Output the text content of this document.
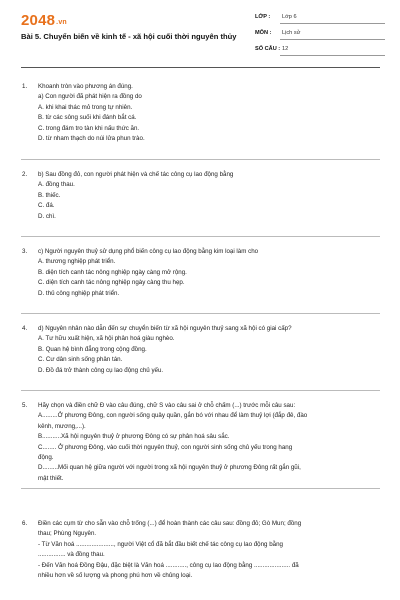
2048.vn
Bài 5. Chuyển biến về kinh tế - xã hội cuối thời nguyên thủy
LỚP : Lớp 6
MÔN : Lịch sử
SỐ CÂU : 12
1. Khoanh tròn vào phương án đúng.
a) Con người đã phát hiện ra đồng do
A. khi khai thác mỏ trong tự nhiên.
B. từ các sông suối khi đánh bắt cá.
C. trong đám tro tàn khi nấu thức ăn.
D. từ nham thạch do núi lửa phun trào.
2. b) Sau đồng đỏ, con người phát hiện và chế tác công cụ lao động bằng
A. đồng thau.
B. thiếc.
C. đá.
D. chì.
3. c) Người nguyên thuỷ sử dụng phổ biến công cụ lao động bằng kim loại làm cho
A. thương nghiệp phát triển.
B. diện tích canh tác nông nghiệp ngày càng mở rộng.
C. diện tích canh tác nông nghiệp ngày càng thu hẹp.
D. thủ công nghiệp phát triển.
4. d) Nguyên nhân nào dẫn đến sự chuyển biến từ xã hội nguyên thuỷ sang xã hội có giai cấp?
A. Tư hữu xuất hiện, xã hội phân hoá giàu nghèo.
B. Quan hệ bình đẳng trong cộng đồng.
C. Cư dân sinh sống phân tán.
D. Đồ đá trở thành công cụ lao động chủ yếu.
5. Hãy chọn và điền chữ Đ vào câu đúng, chữ S vào câu sai ở chỗ chấm (...) trước mỗi câu sau:
A.........Ở phương Đông, con người sống quây quần, gắn bó với nhau để làm thuỷ lợi (đắp đê, đào
kênh, mương,...).
B...........Xã hội nguyên thuỷ ở phương Đông có sự phân hoá sâu sắc.
C........ Ở phương Đông, vào cuối thời nguyên thuỷ, con người sinh sống chủ yếu trong hang
động.
D.........Mối quan hệ giữa người với người trong xã hội nguyên thuỷ ở phương Đông rất gắn gũi,
mật thiết.
6. Điền các cụm từ cho sẵn vào chỗ trống (...) để hoàn thành các câu sau: đồng đỏ; Gò Mun; đồng
thau; Phùng Nguyên.
- Từ Văn hoá ......................, người Việt cổ đã bắt đầu biết chế tác công cụ lao động bằng
................ và đồng thau.
- Đến Văn hoá Đồng Đậu, đặc biệt là Văn hoá ............, công cụ lao động bằng ..................... đã
nhiều hơn về số lượng và phong phú hơn về chủng loại.
